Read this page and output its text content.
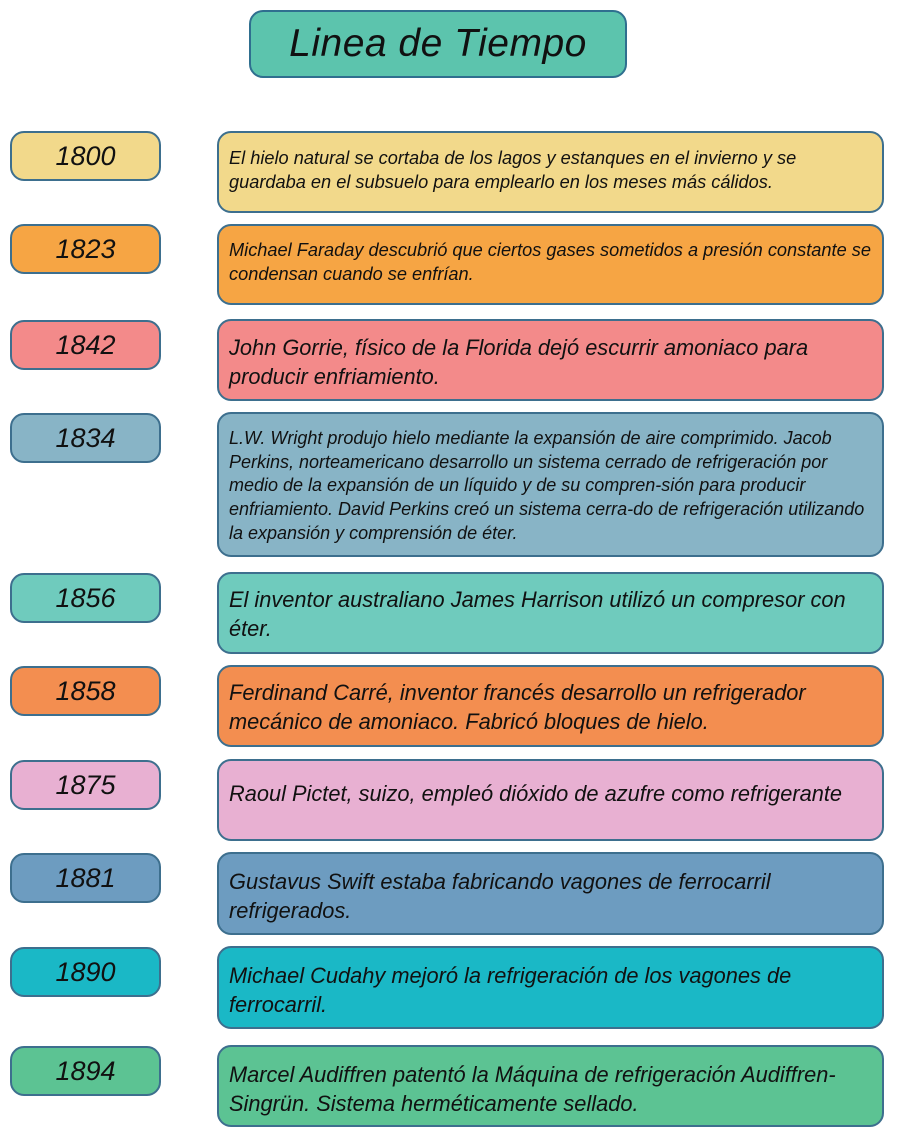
Linea de Tiempo
1800	El hielo natural se cortaba de los lagos y estanques en el invierno y se guardaba en el subsuelo para emplearlo en los meses más cálidos.
1823	Michael Faraday descubrió que ciertos gases sometidos a presión constante se condensan cuando se enfrían.
1842	John Gorrie, físico de la Florida dejó escurrir amoniaco para producir enfriamiento.
1834	L.W. Wright produjo hielo mediante la expansión de aire comprimido. Jacob Perkins, norteamericano desarrollo un sistema cerrado de refrigeración por medio de la expansión de un líquido y de su compren-sión para producir enfriamiento. David Perkins creó un sistema cerra-do de refrigeración utilizando la expansión y comprensión de éter.
1856	El inventor australiano James Harrison utilizó un compresor con éter.
1858	Ferdinand Carré, inventor francés desarrollo un refrigerador mecánico de amoniaco. Fabricó bloques de hielo.
1875	Raoul Pictet, suizo, empleó dióxido de azufre como refrigerante
1881	Gustavus Swift estaba fabricando vagones de ferrocarril refrigerados.
1890	Michael Cudahy mejoró la refrigeración de los vagones de ferrocarril.
1894	Marcel Audiffren patentó la Máquina de refrigeración Audiffren-Singrün. Sistema herméticamente sellado.
